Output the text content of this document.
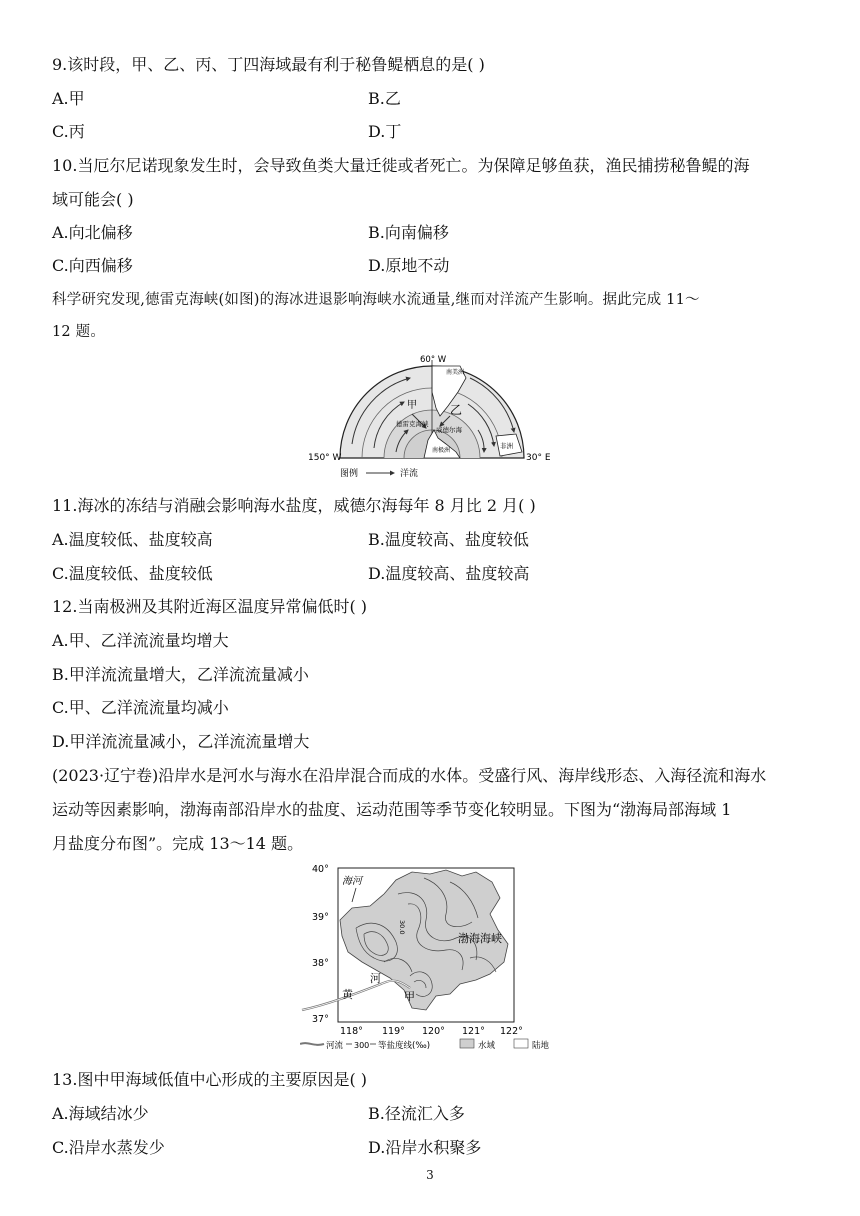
9.该时段，甲、乙、丙、丁四海域最有利于秘鲁鳀栖息的是( )
A.甲	B.乙
C.丙	D.丁
10.当厄尔尼诺现象发生时，会导致鱼类大量迁徙或者死亡。为保障足够鱼获，渔民捕捞秘鲁鳀的海
域可能会( )
A.向北偏移	B.向南偏移
C.向西偏移	D.原地不动
科学研究发现,德雷克海峡(如图)的海冰进退影响海峡水流通量,继而对洋流产生影响。据此完成 11～
12 题。
60° W
南美洲
甲	乙
德雷克海峡
威德尔海
南极洲
非洲
150° W	30° E
图例	洋流
11.海冰的冻结与消融会影响海水盐度，威德尔海每年 8 月比 2 月( )
A.温度较低、盐度较高	B.温度较高、盐度较低
C.温度较低、盐度较低	D.温度较高、盐度较高
12.当南极洲及其附近海区温度异常偏低时( )
A.甲、乙洋流流量均增大
B.甲洋流流量增大，乙洋流流量减小
C.甲、乙洋流流量均减小
D.甲洋流流量减小，乙洋流流量增大
(2023·辽宁卷)沿岸水是河水与海水在沿岸混合而成的水体。受盛行风、海岸线形态、入海径流和海水
运动等因素影响，渤海南部沿岸水的盐度、运动范围等季节变化较明显。下图为“渤海局部海域 1
月盐度分布图”。完成 13～14 题。
40°
39°
38°
37°
118° 119° 120° 121° 122°
海河
渤海海峡
30.0
黄
河
甲
河流 300 等盐度线(‰)	水域	陆地
13.图中甲海域低值中心形成的主要原因是( )
A.海域结冰少	B.径流汇入多
C.沿岸水蒸发少	D.沿岸水积聚多
3
